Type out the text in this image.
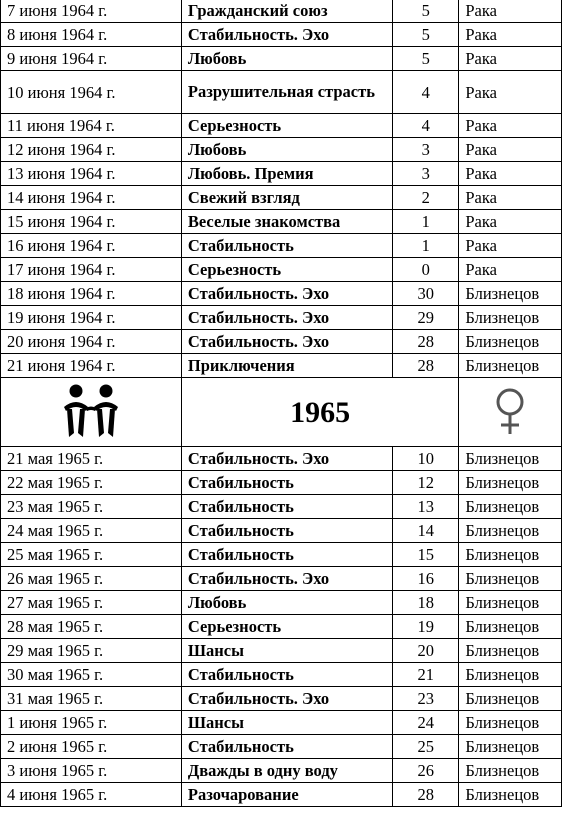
7 июня 1964 г.	Гражданский союз	5	Рака
8 июня 1964 г.	Стабильность. Эхо	5	Рака
9 июня 1964 г.	Любовь	5	Рака
10 июня 1964 г.	Разрушительная страсть	4	Рака
11 июня 1964 г.	Серьезность	4	Рака
12 июня 1964 г.	Любовь	3	Рака
13 июня 1964 г.	Любовь. Премия	3	Рака
14 июня 1964 г.	Свежий взгляд	2	Рака
15 июня 1964 г.	Веселые знакомства	1	Рака
16 июня 1964 г.	Стабильность	1	Рака
17 июня 1964 г.	Серьезность	0	Рака
18 июня 1964 г.	Стабильность. Эхо	30	Близнецов
19 июня 1964 г.	Стабильность. Эхо	29	Близнецов
20 июня 1964 г.	Стабильность. Эхо	28	Близнецов
21 июня 1964 г.	Приключения	28	Близнецов
	1965	
21 мая 1965 г.	Стабильность. Эхо	10	Близнецов
22 мая 1965 г.	Стабильность	12	Близнецов
23 мая 1965 г.	Стабильность	13	Близнецов
24 мая 1965 г.	Стабильность	14	Близнецов
25 мая 1965 г.	Стабильность	15	Близнецов
26 мая 1965 г.	Стабильность. Эхо	16	Близнецов
27 мая 1965 г.	Любовь	18	Близнецов
28 мая 1965 г.	Серьезность	19	Близнецов
29 мая 1965 г.	Шансы	20	Близнецов
30 мая 1965 г.	Стабильность	21	Близнецов
31 мая 1965 г.	Стабильность. Эхо	23	Близнецов
1 июня 1965 г.	Шансы	24	Близнецов
2 июня 1965 г.	Стабильность	25	Близнецов
3 июня 1965 г.	Дважды в одну воду	26	Близнецов
4 июня 1965 г.	Разочарование	28	Близнецов
